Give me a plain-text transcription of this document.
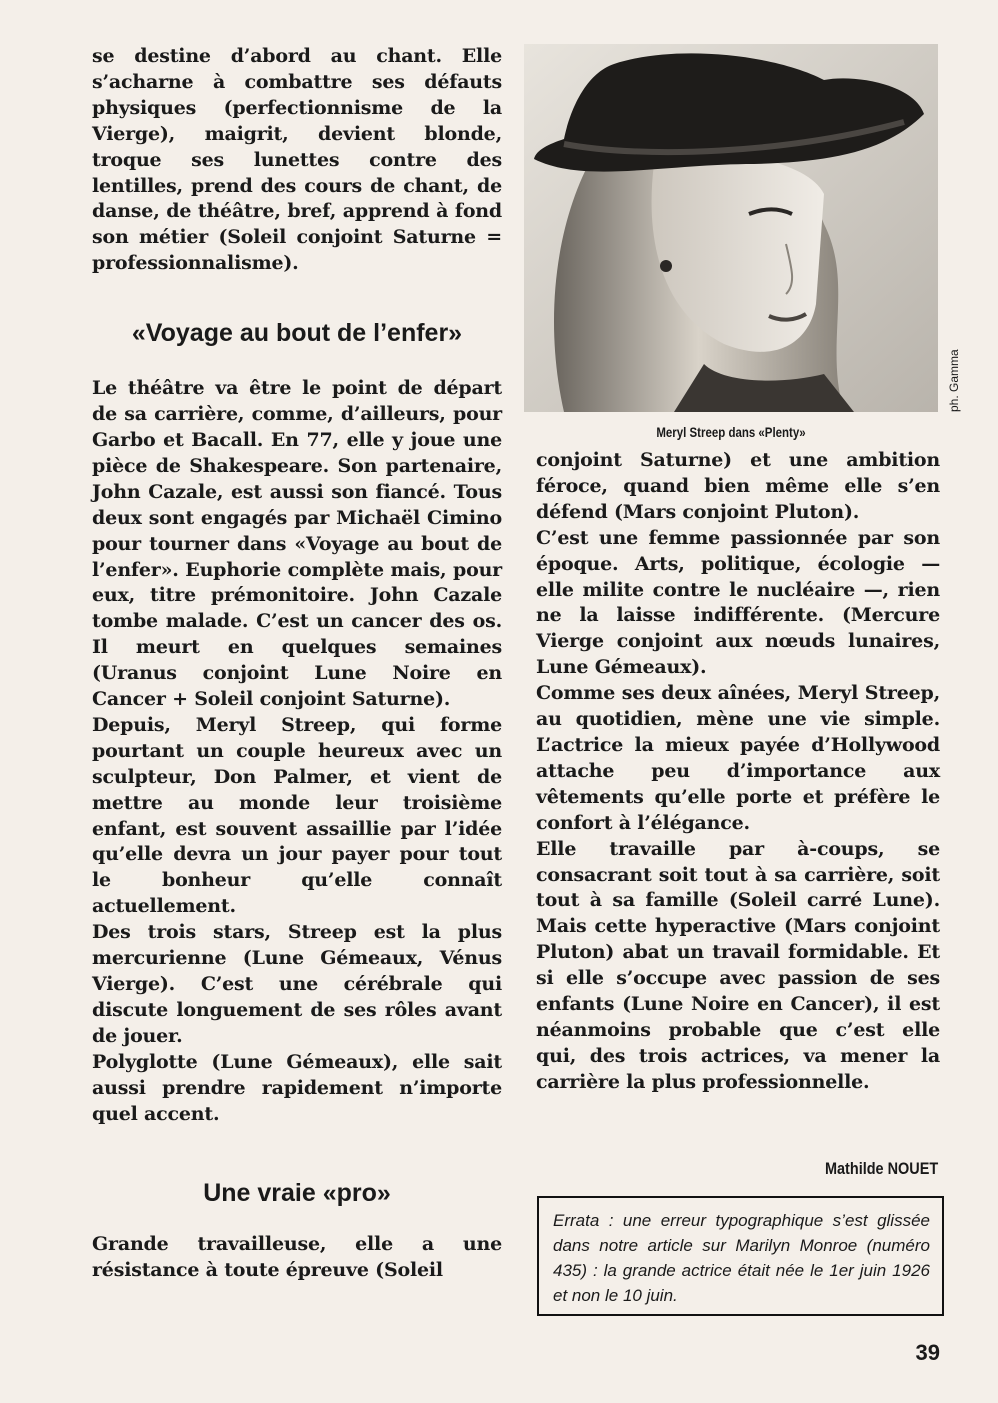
se destine d’abord au chant. Elle s’acharne à combattre ses défauts physiques (perfectionnisme de la Vierge), maigrit, devient blonde, troque ses lunettes contre des lentilles, prend des cours de chant, de danse, de théâtre, bref, apprend à fond son métier (Soleil conjoint Saturne = professionnalisme).

«Voyage au bout de l’enfer»

Le théâtre va être le point de départ de sa carrière, comme, d’ailleurs, pour Garbo et Bacall. En 77, elle y joue une pièce de Shakespeare. Son partenaire, John Cazale, est aussi son fiancé. Tous deux sont engagés par Michaël Cimino pour tourner dans «Voyage au bout de l’enfer». Euphorie complète mais, pour eux, titre prémonitoire. John Cazale tombe malade. C’est un cancer des os. Il meurt en quelques semaines (Uranus conjoint Lune Noire en Cancer + Soleil conjoint Saturne).

Depuis, Meryl Streep, qui forme pourtant un couple heureux avec un sculpteur, Don Palmer, et vient de mettre au monde leur troisième enfant, est souvent assaillie par l’idée qu’elle devra un jour payer pour tout le bonheur qu’elle connaît actuellement.

Des trois stars, Streep est la plus mercurienne (Lune Gémeaux, Vénus Vierge). C’est une cérébrale qui discute longuement de ses rôles avant de jouer.

Polyglotte (Lune Gémeaux), elle sait aussi prendre rapidement n’importe quel accent.

Une vraie «pro»

Grande travailleuse, elle a une résistance à toute épreuve (Soleil

ph. Gamma
Meryl Streep dans «Plenty»

conjoint Saturne) et une ambition féroce, quand bien même elle s’en défend (Mars conjoint Pluton).

C’est une femme passionnée par son époque. Arts, politique, écologie — elle milite contre le nucléaire —, rien ne la laisse indifférente. (Mercure Vierge conjoint aux nœuds lunaires, Lune Gémeaux).

Comme ses deux aînées, Meryl Streep, au quotidien, mène une vie simple. L’actrice la mieux payée d’Hollywood attache peu d’importance aux vêtements qu’elle porte et préfère le confort à l’élégance.

Elle travaille par à-coups, se consacrant soit tout à sa carrière, soit tout à sa famille (Soleil carré Lune). Mais cette hyperactive (Mars conjoint Pluton) abat un travail formidable. Et si elle s’occupe avec passion de ses enfants (Lune Noire en Cancer), il est néanmoins probable que c’est elle qui, des trois actrices, va mener la carrière la plus professionnelle.

Mathilde NOUET
Errata : une erreur typographique s’est glissée dans notre article sur Marilyn Monroe (numéro 435) : la grande actrice était née le 1er juin 1926 et non le 10 juin.
39
